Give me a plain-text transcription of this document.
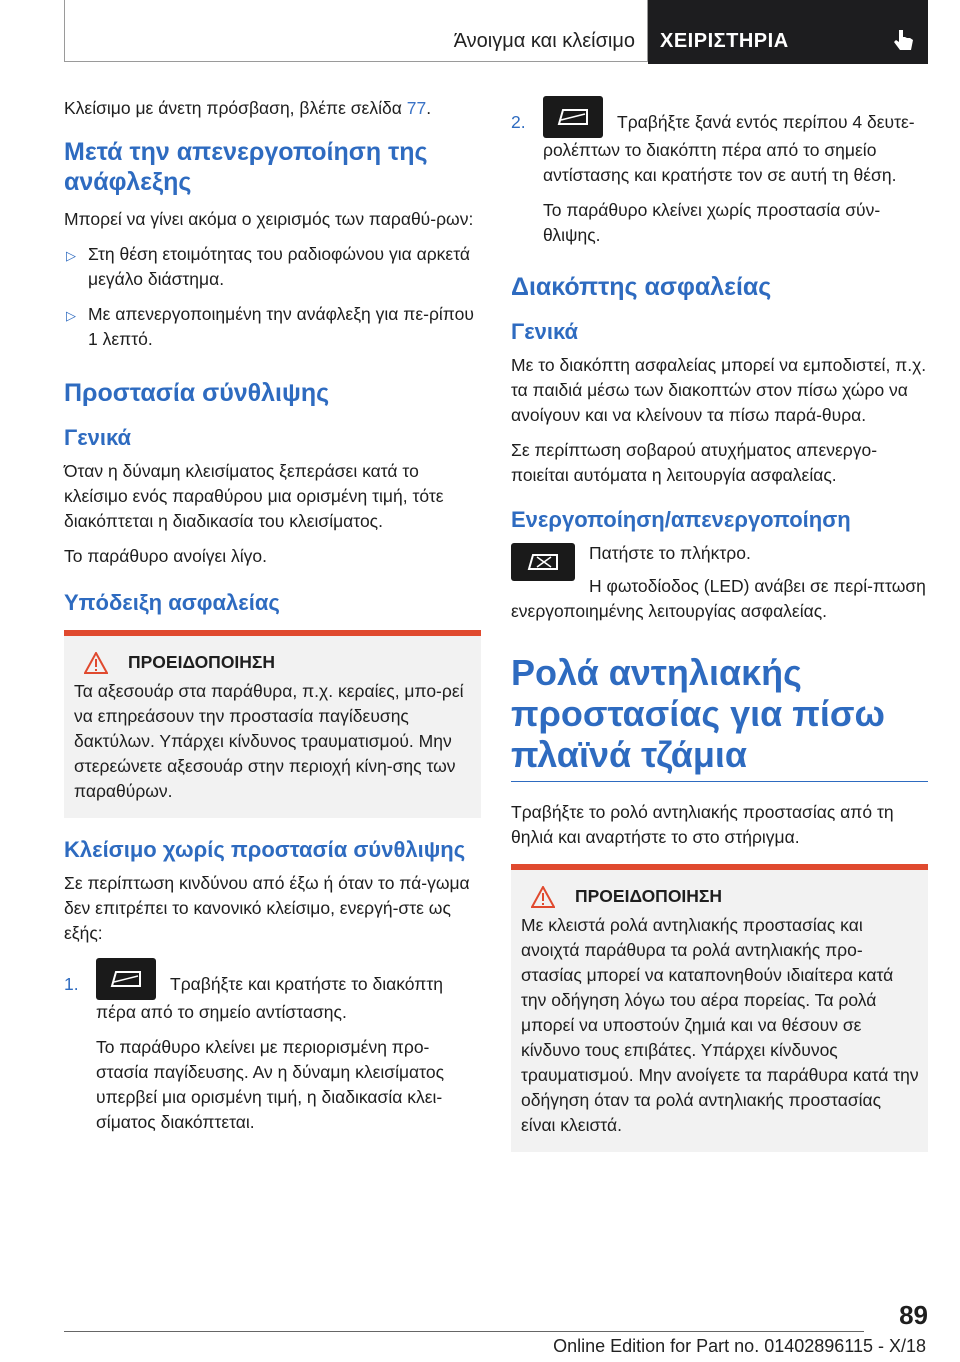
Άνοιγμα και κλείσιμο ΧΕΙΡΙΣΤΗΡΙΑ

Κλείσιμο με άνετη πρόσβαση, βλέπε σελίδα 77.

Μετά την απενεργοποίηση της ανάφλεξης

Μπορεί να γίνει ακόμα ο χειρισμός των παραθύ-ρων:

▷ Στη θέση ετοιμότητας του ραδιοφώνου για αρκετά μεγάλο διάστημα.
▷ Με απενεργοποιημένη την ανάφλεξη για πε-ρίπου 1 λεπτό.
Προστασία σύνθλιψης
Γενικά

Όταν η δύναμη κλεισίματος ξεπεράσει κατά το κλείσιμο ενός παραθύρου μια ορισμένη τιμή, τότε διακόπτεται η διαδικασία του κλεισίματος.

Το παράθυρο ανοίγει λίγο.

Υπόδειξη ασφαλείας
ΠΡΟΕΙΔΟΠΟΙΗΣΗ
Τα αξεσουάρ στα παράθυρα, π.χ. κεραίες, μπο-ρεί να επηρεάσουν την προστασία παγίδευσης δακτύλων. Υπάρχει κίνδυνος τραυματισμού. Μην στερεώνετε αξεσουάρ στην περιοχή κίνη-σης των παραθύρων.
Κλείσιμο χωρίς προστασία σύνθλιψης

Σε περίπτωση κινδύνου από έξω ή όταν το πά-γωμα δεν επιτρέπει το κανονικό κλείσιμο, ενεργή-στε ως εξής:

1.	Τραβήξτε και κρατήστε το διακόπτη πέρα από το σημείο αντίστασης.

Το παράθυρο κλείνει με περιορισμένη προ-στασία παγίδευσης. Αν η δύναμη κλεισίματος υπερβεί μια ορισμένη τιμή, η διαδικασία κλει-σίματος διακόπτεται.

2.	Τραβήξτε ξανά εντός περίπου 4 δευτε-ρολέπτων το διακόπτη πέρα από το σημείο αντίστασης και κρατήστε τον σε αυτή τη θέση.

Το παράθυρο κλείνει χωρίς προστασία σύν-θλιψης.

Διακόπτης ασφαλείας
Γενικά

Με το διακόπτη ασφαλείας μπορεί να εμποδιστεί, π.χ. τα παιδιά μέσω των διακοπτών στον πίσω χώρο να ανοίγουν και να κλείνουν τα πίσω παρά-θυρα.

Σε περίπτωση σοβαρού ατυχήματος απενεργο-ποιείται αυτόματα η λειτουργία ασφαλείας.

Ενεργοποίηση/απενεργοποίηση

Πατήστε το πλήκτρο.

Η φωτοδίοδος (LED) ανάβει σε περί-πτωση ενεργοποιημένης λειτουργίας ασφαλείας.

Ρολά αντηλιακής προστασίας για πίσω πλαϊνά τζάμια

Τραβήξτε το ρολό αντηλιακής προστασίας από τη θηλιά και αναρτήστε το στο στήριγμα.

ΠΡΟΕΙΔΟΠΟΙΗΣΗ
Με κλειστά ρολά αντηλιακής προστασίας και ανοιχτά παράθυρα τα ρολά αντηλιακής προ-στασίας μπορεί να καταπονηθούν ιδιαίτερα κατά την οδήγηση λόγω του αέρα πορείας. Τα ρολά μπορεί να υποστούν ζημιά και να θέσουν σε κίνδυνο τους επιβάτες. Υπάρχει κίνδυνος τραυματισμού. Μην ανοίγετε τα παράθυρα κατά την οδήγηση όταν τα ρολά αντηλιακής προστασίας είναι κλειστά.
89
Online Edition for Part no. 01402896115 - X/18
